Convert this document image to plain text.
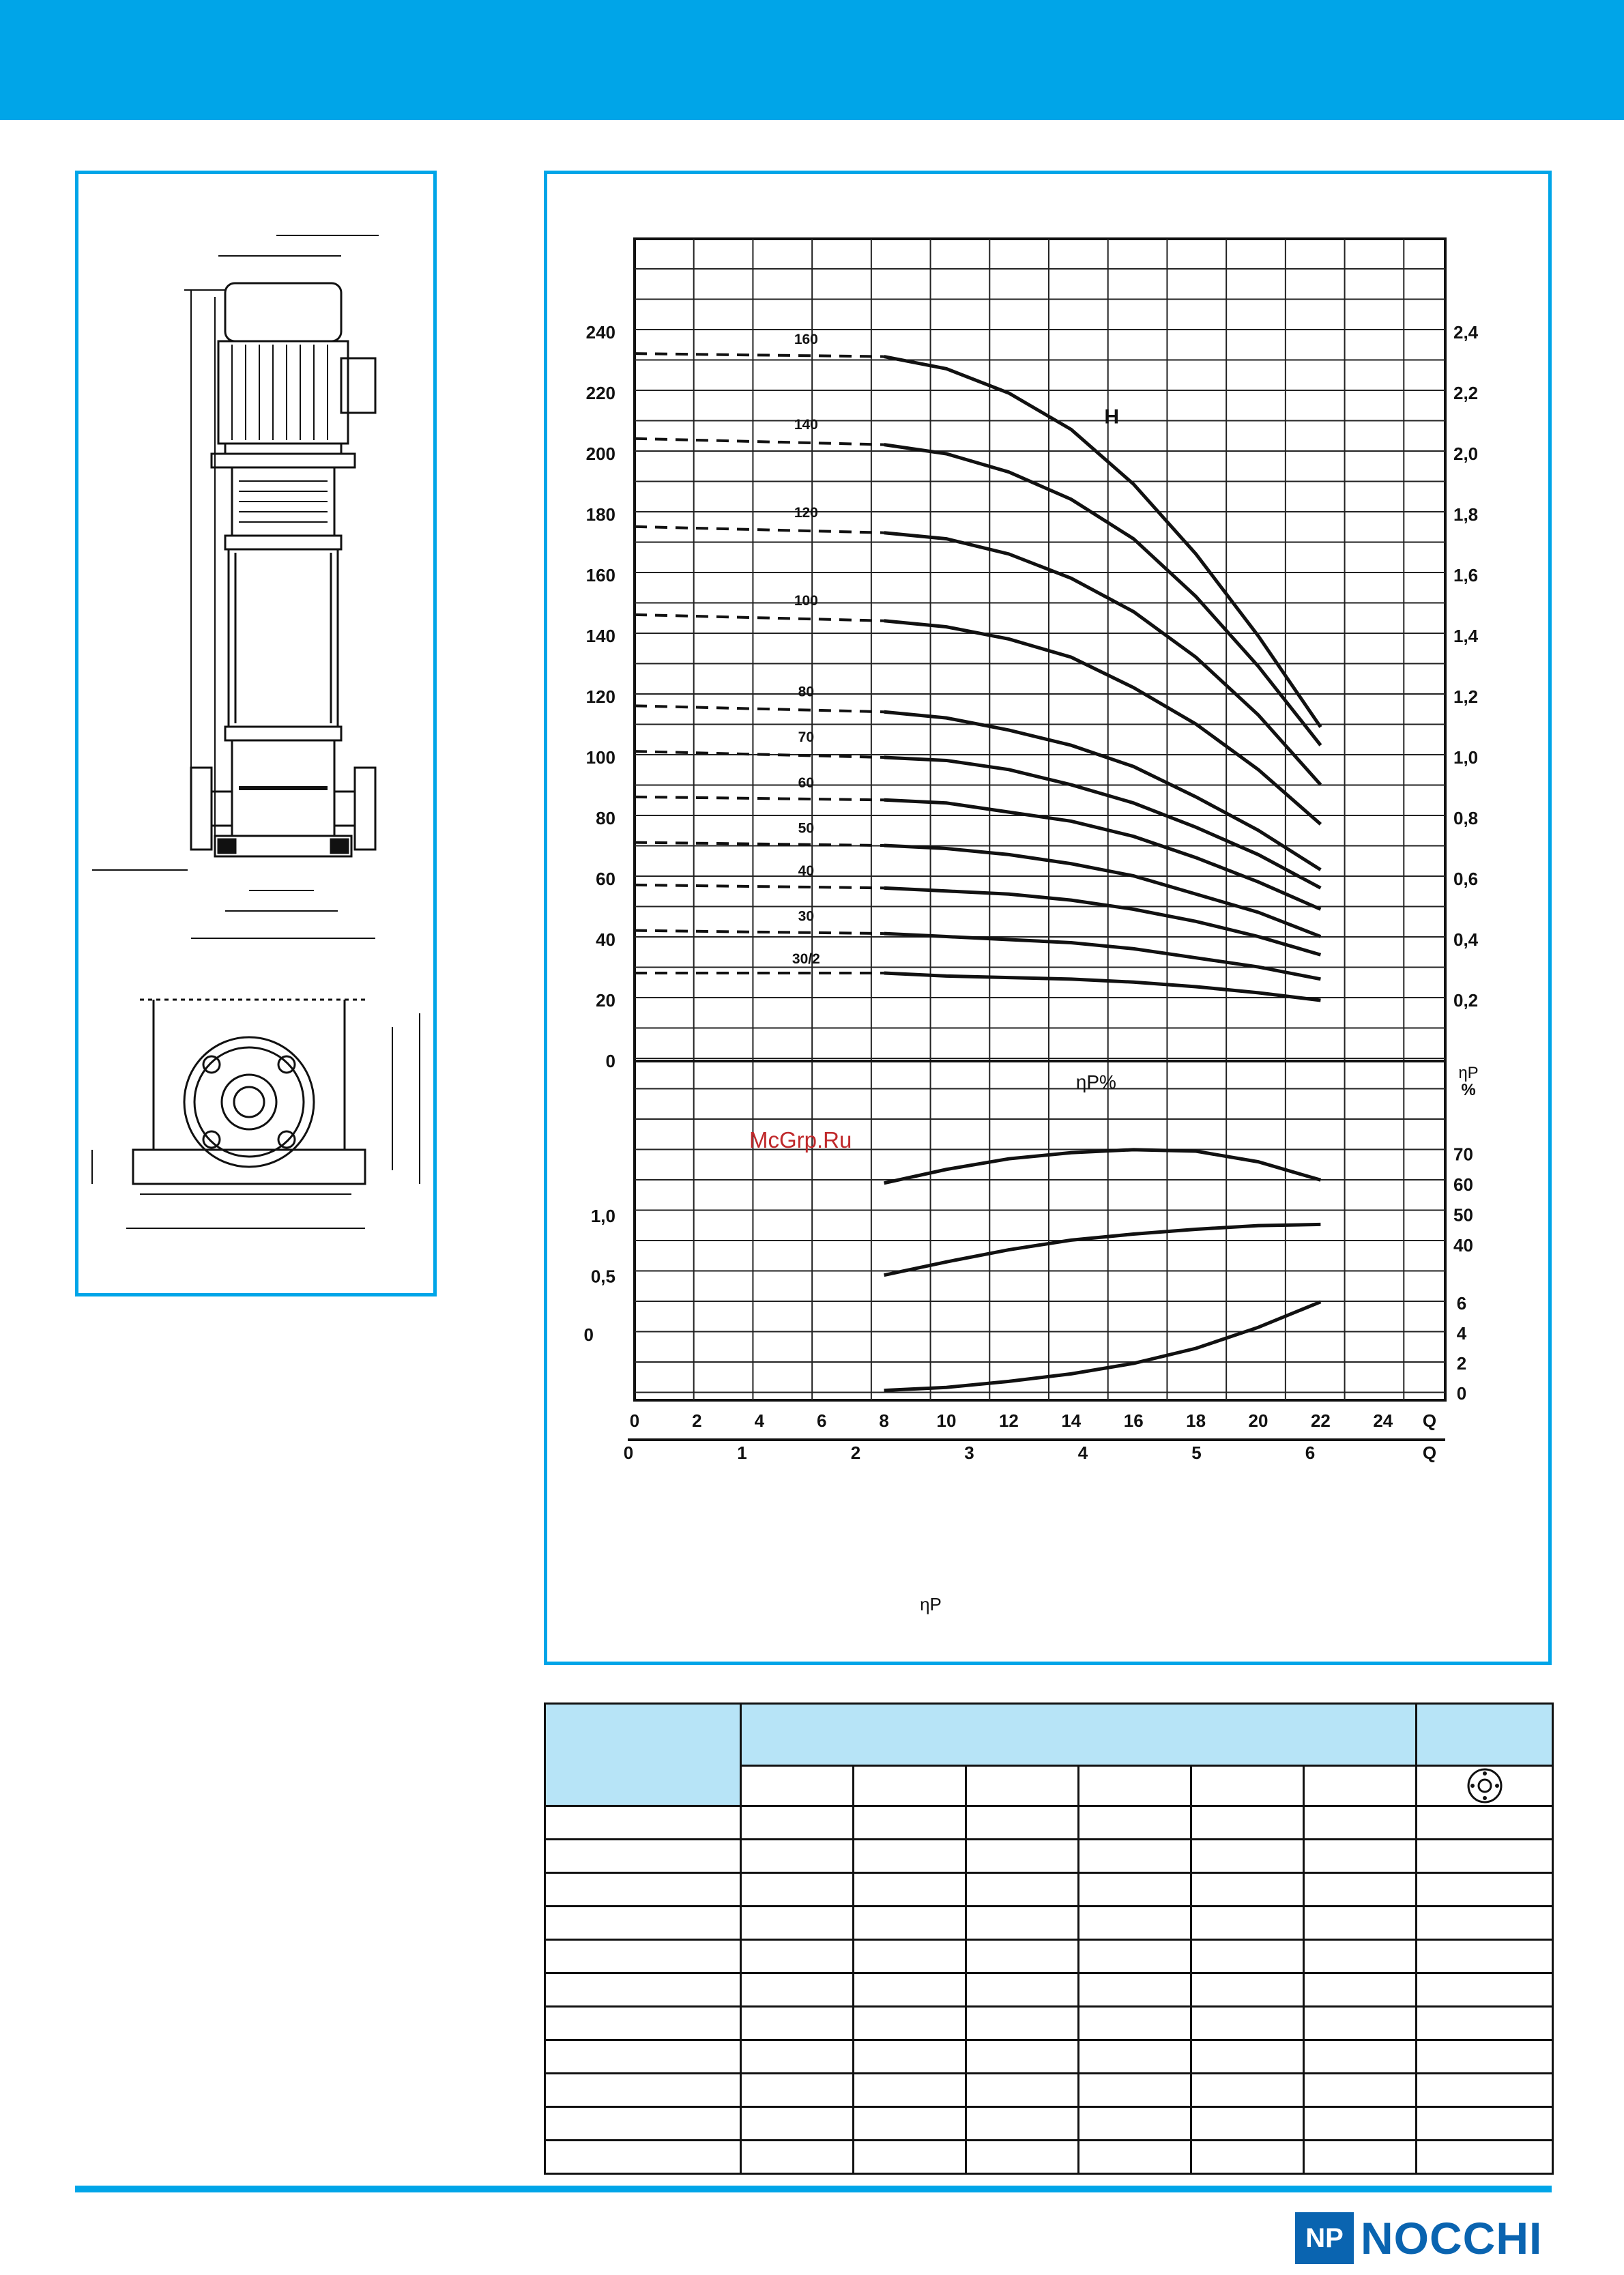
240
220
200
180
160
140
120
100
80
60
40
20
0
2,4
2,2
2,0
1,8
1,6
1,4
1,2
1,0
0,8
0,6
0,4
0,2
160
140
120
100
80
70
60
50
40
30
30/2
H
ηP%	ηP
%
70
60
50
40
1,0
0,5
0
6
4
2
0
0	2	4	6	8	10 12 14 16 18 20 22 24 Q
0	1	2	3	4	5	6	Q
ηP
McGrp.Ru

NP NOCCHI
